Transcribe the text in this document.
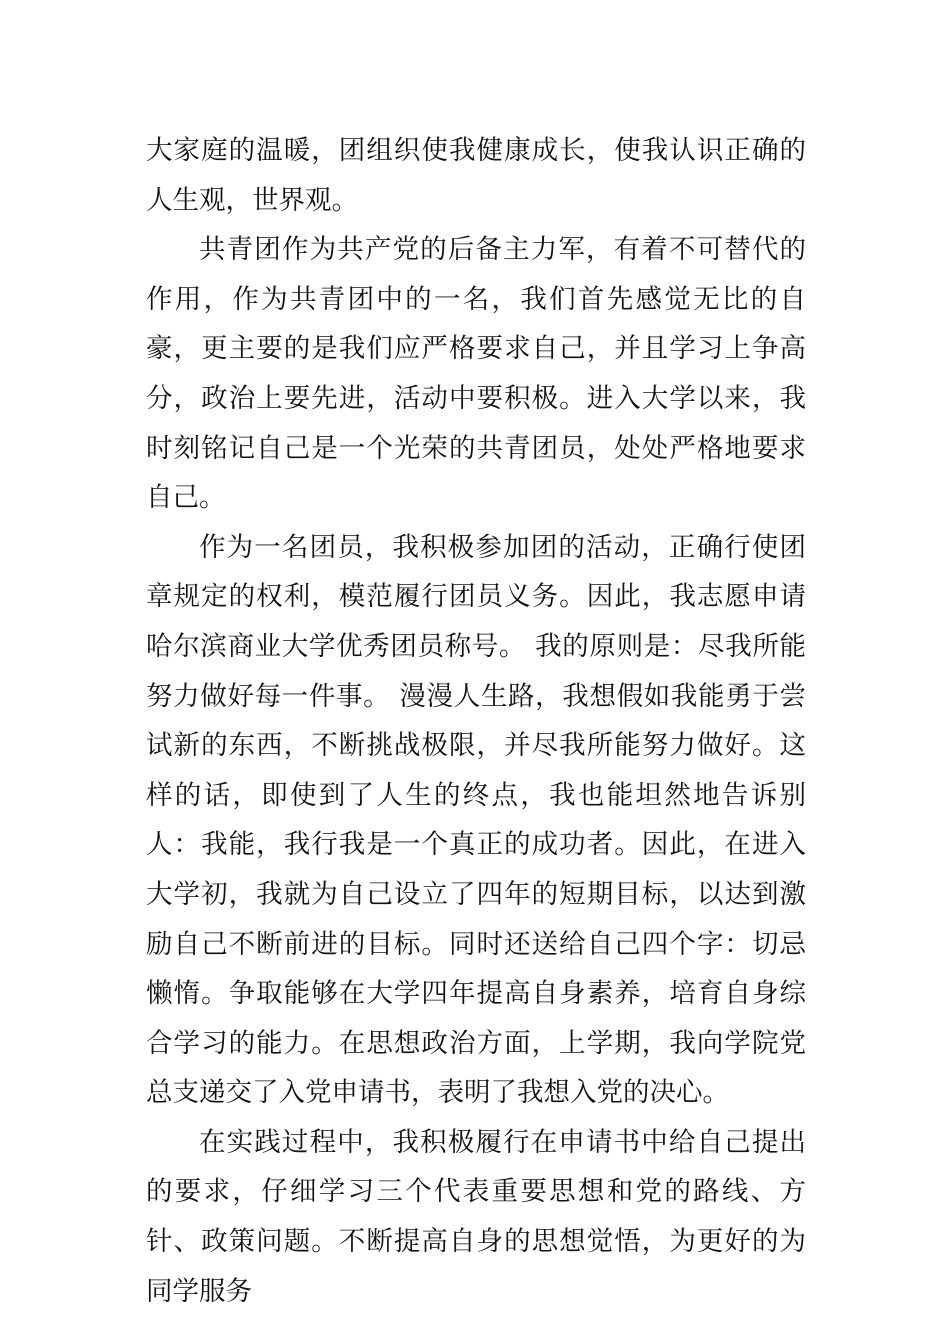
大家庭的温暖，团组织使我健康成长，使我认识正确的人生观，世界观。

共青团作为共产党的后备主力军，有着不可替代的作用，作为共青团中的一名，我们首先感觉无比的自豪，更主要的是我们应严格要求自己，并且学习上争高分，政治上要先进，活动中要积极。进入大学以来，我时刻铭记自己是一个光荣的共青团员，处处严格地要求自己。

作为一名团员，我积极参加团的活动，正确行使团章规定的权利，模范履行团员义务。因此，我志愿申请哈尔滨商业大学优秀团员称号。 我的原则是：尽我所能努力做好每一件事。 漫漫人生路，我想假如我能勇于尝试新的东西，不断挑战极限，并尽我所能努力做好。这样的话，即使到了人生的终点，我也能坦然地告诉别人：我能，我行我是一个真正的成功者。因此，在进入大学初，我就为自己设立了四年的短期目标，以达到激励自己不断前进的目标。同时还送给自己四个字：切忌懒惰。争取能够在大学四年提高自身素养，培育自身综合学习的能力。在思想政治方面，上学期，我向学院党总支递交了入党申请书，表明了我想入党的决心。

在实践过程中，我积极履行在申请书中给自己提出的要求，仔细学习三个代表重要思想和党的路线、方针、政策问题。不断提高自身的思想觉悟，为更好的为同学服务
